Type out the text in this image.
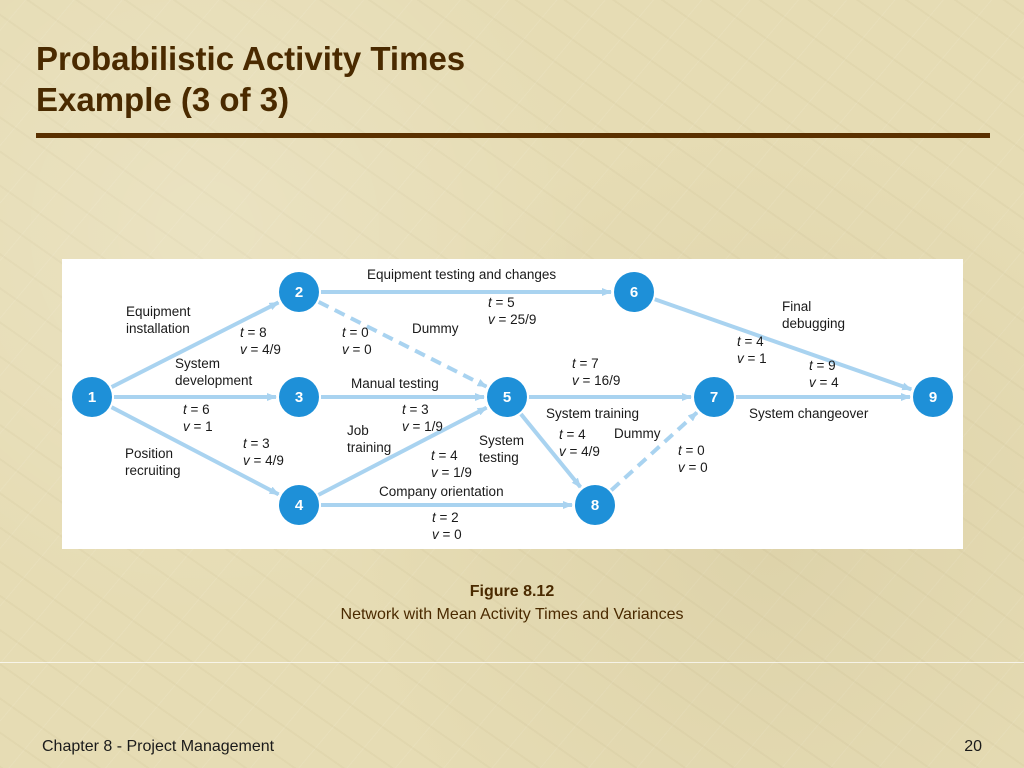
Probabilistic Activity Times
Example (3 of 3)
1
2
3
4
5
6
7
8
9
Equipment installation	t = 8 v = 4/9
System development
t = 6 v = 1
Position recruiting
t = 3 v = 4/9
Equipment testing and changes
t = 5 v = 25/9
Dummy
t = 0 v = 0
Manual testing
t = 3 v = 1/9
Job training
t = 4 v = 1/9
Company orientation
t = 2 v = 0
System training
t = 7 v = 16/9
System testing
t = 4 v = 4/9
Dummy
t = 0 v = 0
Final debugging
t = 4 v = 1
System changeover
t = 9 v = 4
Figure 8.12
Network with Mean Activity Times and Variances
Chapter 8 - Project Management	20
